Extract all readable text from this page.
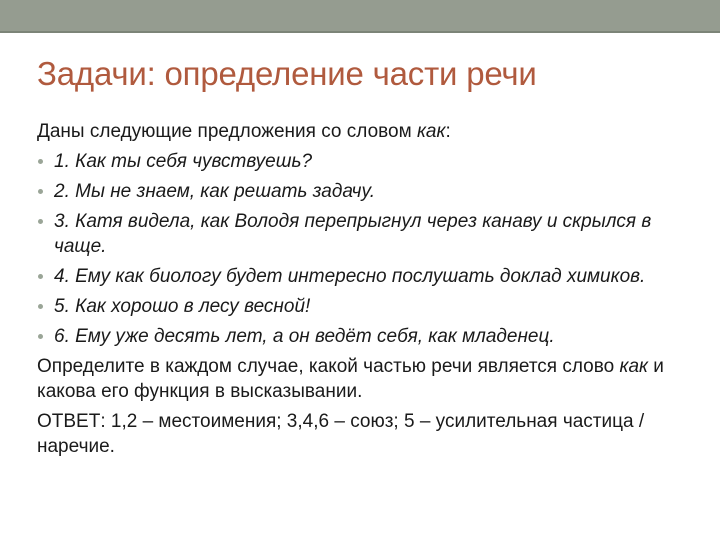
Задачи: определение части речи

Даны следующие предложения со словом как:

1. Как ты себя чувствуешь?
2. Мы не знаем, как решать задачу.
3. Катя видела, как Володя перепрыгнул через канаву и скрылся в чаще.
4. Ему как биологу будет интересно послушать доклад химиков.
5. Как хорошо в лесу весной!
6. Ему уже десять лет, а он ведёт себя, как младенец.

Определите в каждом случае, какой частью речи является слово как и какова его функция в высказывании.

ОТВЕТ: 1,2 – местоимения; 3,4,6 – союз; 5 – усилительная частица / наречие.
